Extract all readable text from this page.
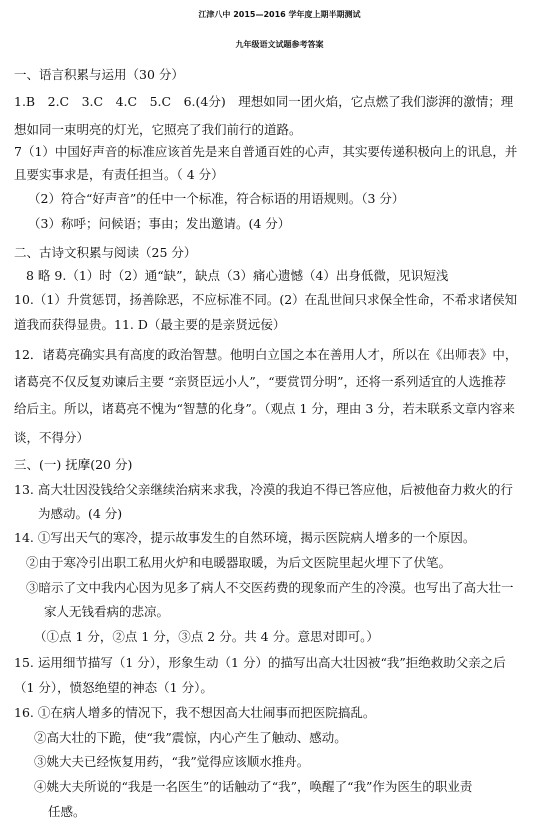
江津八中 2015—2016 学年度上期半期测试
九年级语文试题参考答案
一、语言积累与运用（30 分）
1.B　2.C　3.C　4.C　5.C　6.(4分)　理想如同一团火焰，它点燃了我们澎湃的激情；理
想如同一束明亮的灯光，它照亮了我们前行的道路。
7（1）中国好声音的标准应该首先是来自普通百姓的心声，其实要传递积极向上的讯息，并
且要实事求是，有责任担当。（ 4 分）
（2）符合“好声音”的任中一个标准，符合标语的用语规则。（3 分）
（3）称呼；问候语；事由；发出邀请。(4 分）
二、古诗文积累与阅读（25 分）
8 略 9.（1）时（2）通“缺”，缺点（3）痛心遗憾（4）出身低微，见识短浅
10.（1）升赏惩罚，扬善除恶，不应标准不同。(2）在乱世间只求保全性命，不希求诸侯知
道我而获得显贵。11. D（最主要的是亲贤远佞）
12．诸葛亮确实具有高度的政治智慧。他明白立国之本在善用人才，所以在《出师表》中，
诸葛亮不仅反复劝谏后主要 “亲贤臣远小人”，“要赏罚分明”，还将一系列适宜的人选推荐
给后主。所以，诸葛亮不愧为“智慧的化身”。（观点 1 分，理由 3 分，若未联系文章内容来
谈，不得分）
三、(一) 抚摩(20 分)
13. 高大壮因没钱给父亲继续治病来求我，冷漠的我迫不得已答应他，后被他奋力救火的行
为感动。(4 分)
14. ①写出天气的寒冷，提示故事发生的自然环境，揭示医院病人增多的一个原因。
②由于寒冷引出职工私用火炉和电暖器取暖，为后文医院里起火埋下了伏笔。
③暗示了文中我内心因为见多了病人不交医药费的现象而产生的冷漠。也写出了高大壮一
家人无钱看病的悲凉。
（①点 1 分，②点 1 分，③点 2 分。共 4 分。意思对即可。）
15. 运用细节描写（1 分），形象生动（1 分）的描写出高大壮因被“我”拒绝救助父亲之后
（1 分），愤怒绝望的神态（1 分）。
16. ①在病人增多的情况下，我不想因高大壮闹事而把医院搞乱。
②高大壮的下跪，使“我”震惊，内心产生了触动、感动。
③姚大夫已经恢复用药，“我”觉得应该顺水推舟。
④姚大夫所说的“我是一名医生”的话触动了“我”，唤醒了“我”作为医生的职业责
任感。
